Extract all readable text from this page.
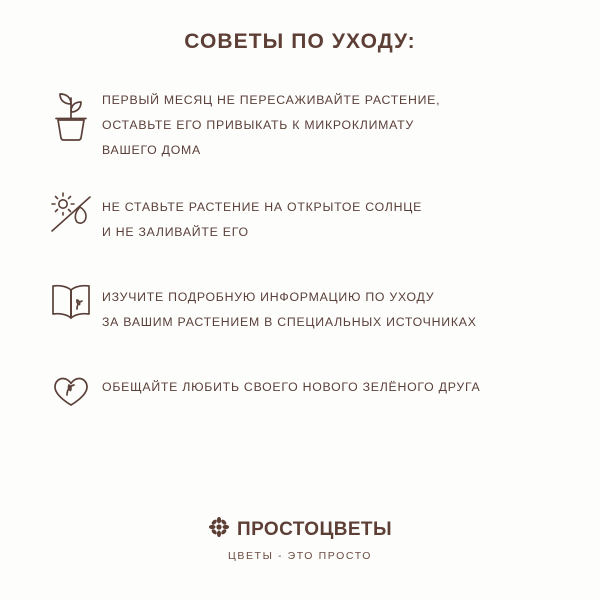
СОВЕТЫ ПО УХОДУ:
ПЕРВЫЙ МЕСЯЦ НЕ ПЕРЕСАЖИВАЙТЕ РАСТЕНИЕ,
ОСТАВЬТЕ ЕГО ПРИВЫКАТЬ К МИКРОКЛИМАТУ
ВАШЕГО ДОМА
НЕ СТАВЬТЕ РАСТЕНИЕ НА ОТКРЫТОЕ СОЛНЦЕ
И НЕ ЗАЛИВАЙТЕ ЕГО
ИЗУЧИТЕ ПОДРОБНУЮ ИНФОРМАЦИЮ ПО УХОДУ
ЗА ВАШИМ РАСТЕНИЕМ В СПЕЦИАЛЬНЫХ ИСТОЧНИКАХ
ОБЕЩАЙТЕ ЛЮБИТЬ СВОЕГО НОВОГО ЗЕЛЁНОГО ДРУГА
ПРОСТОЦВЕТЫ
ЦВЕТЫ - ЭТО ПРОСТО
